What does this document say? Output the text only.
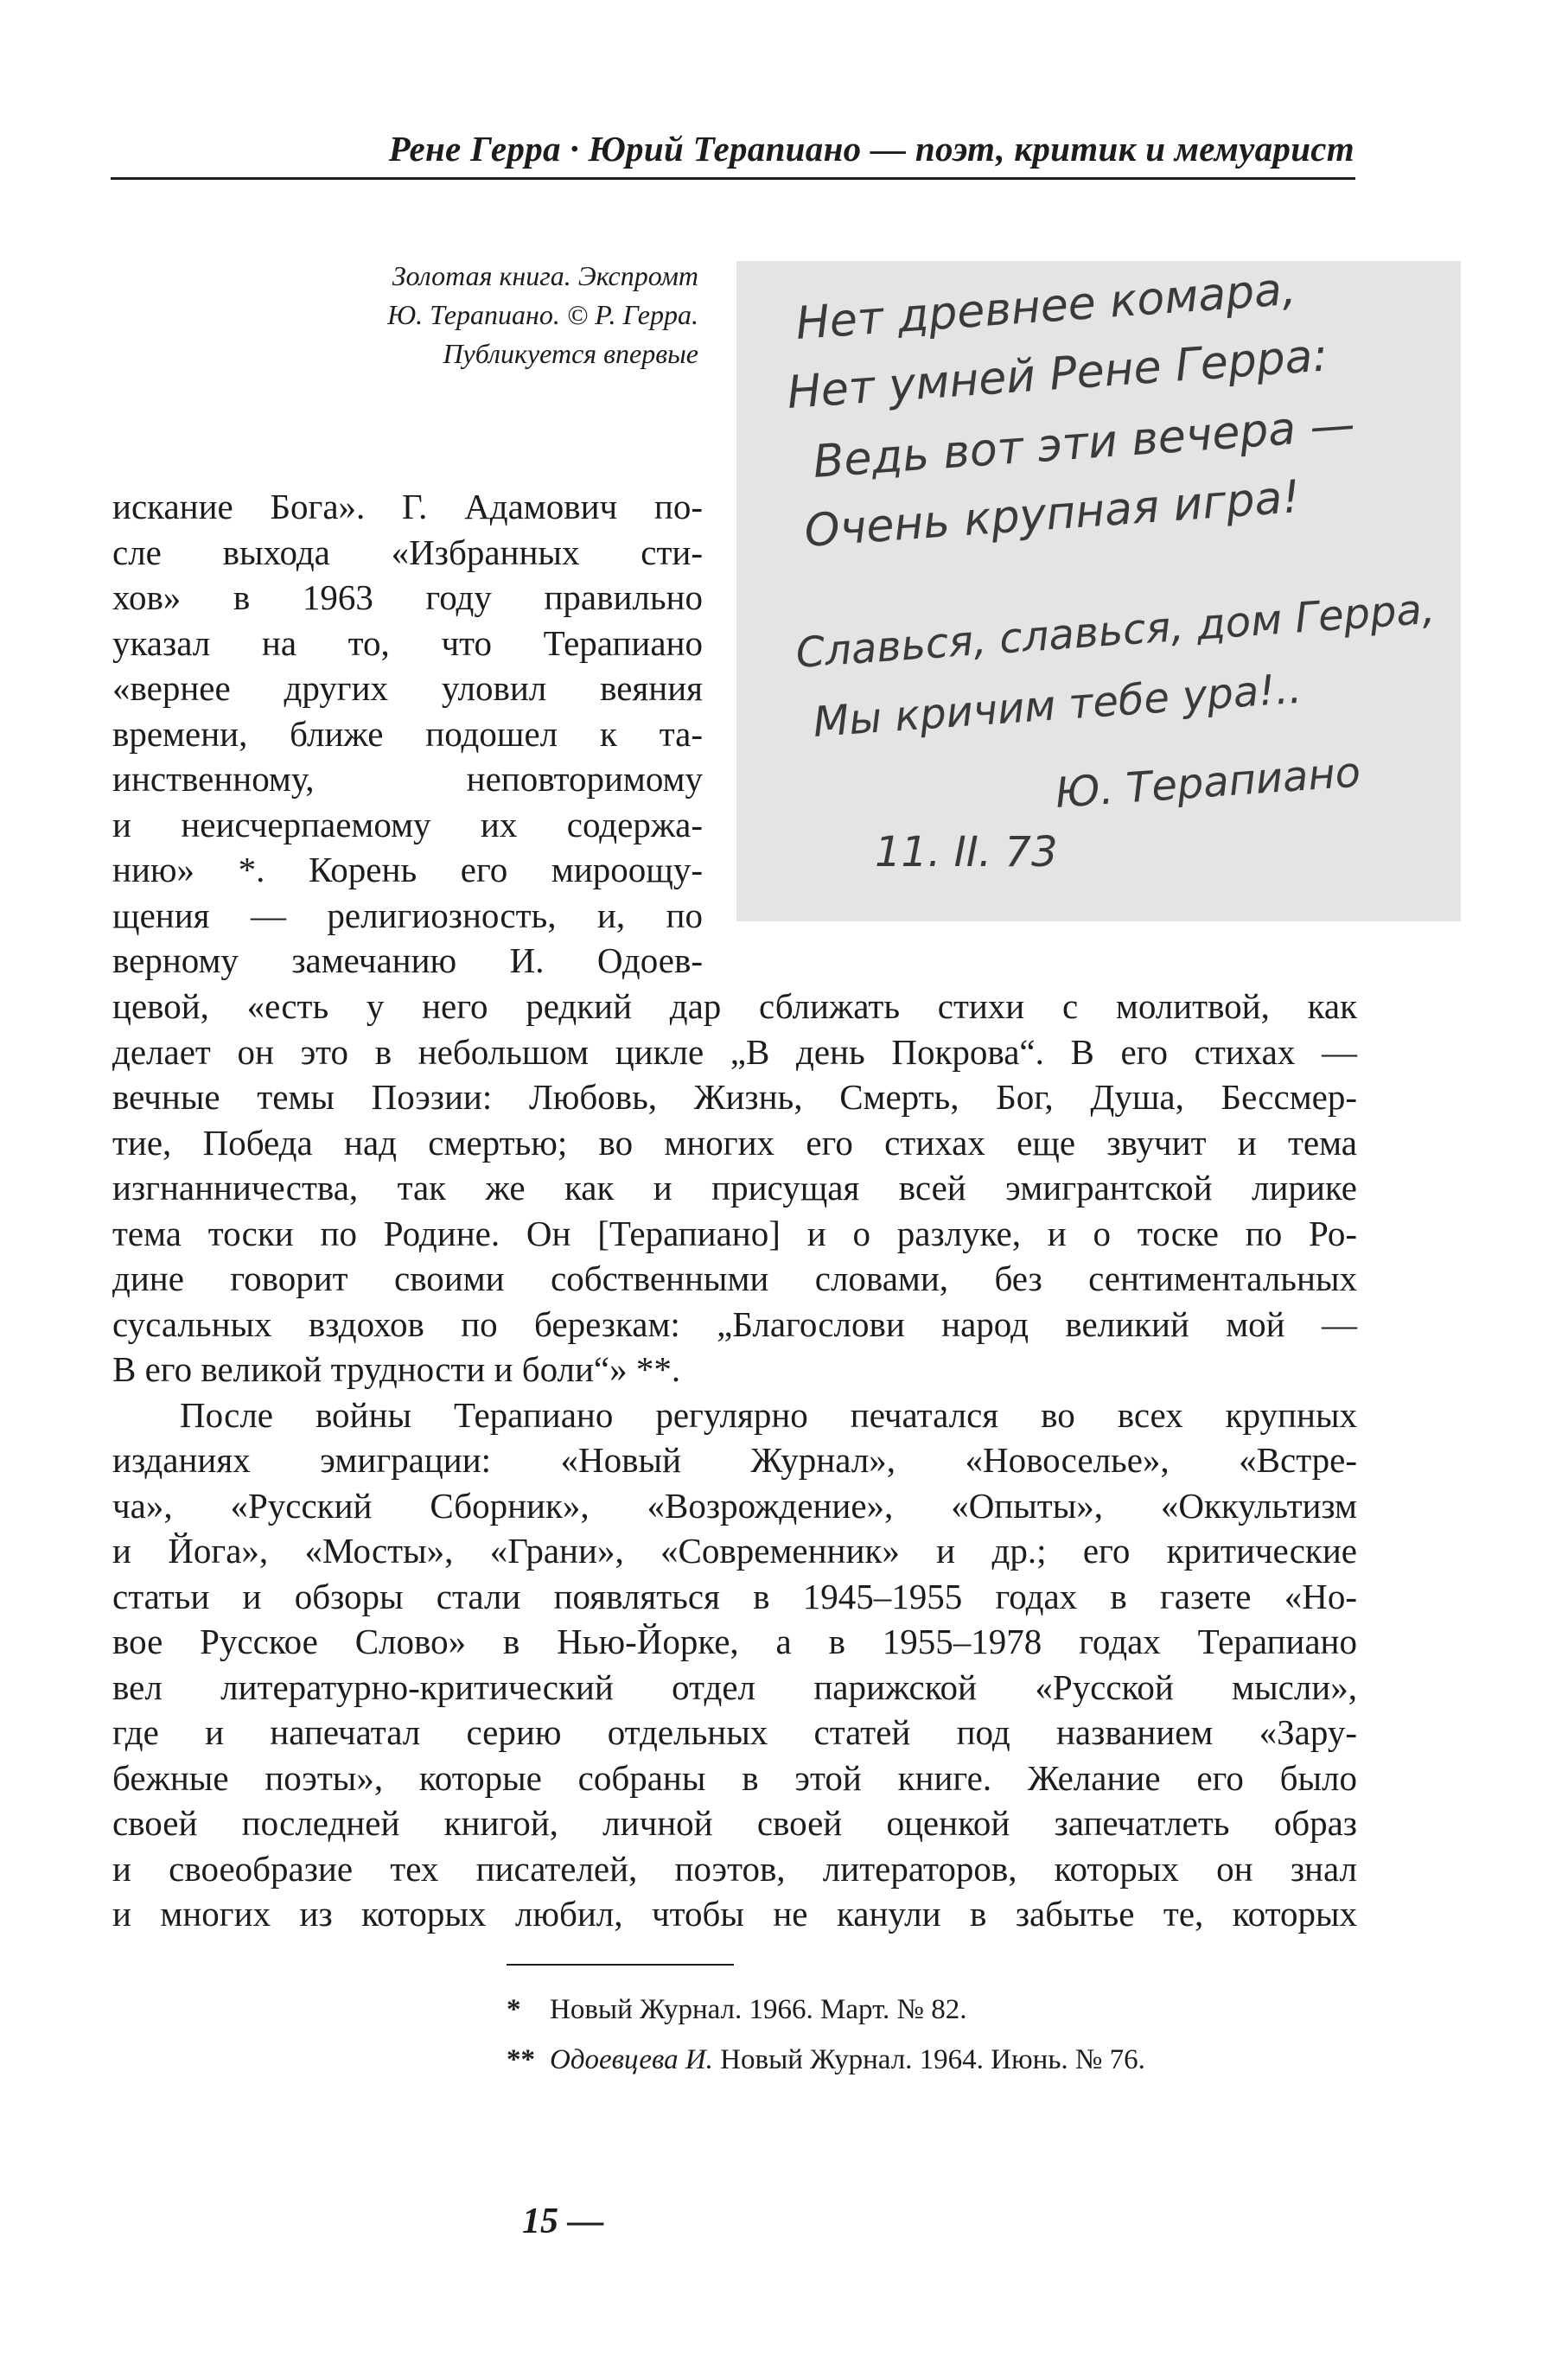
Рене Герра · Юрий Терапиано — поэт, критик и мемуарист
Золотая книга. Экспромт
Ю. Терапиано. © Р. Герра.
Публикуется впервые
Нет древнее комара,
Нет умней Рене Герра:
Ведь вот эти вечера —
Очень крупная игра!
Славься, славься, дом Герра,
Мы кричим тебе ура!..
Ю. Терапиано
11. II. 73
искание Бога». Г. Адамович по-
сле выхода «Избранных сти-
хов» в 1963 году правильно
указал на то, что Терапиано
«вернее других уловил веяния
времени, ближе подошел к та-
инственному, неповторимому
и неисчерпаемому их содержа-
нию» *. Корень его мироощу-
щения — религиозность, и, по
верному замечанию И. Одоев-
цевой, «есть у него редкий дар сближать стихи с молитвой, как
делает он это в небольшом цикле „В день Покрова“. В его стихах —
вечные темы Поэзии: Любовь, Жизнь, Смерть, Бог, Душа, Бессмер-
тие, Победа над смертью; во многих его стихах еще звучит и тема
изгнанничества, так же как и присущая всей эмигрантской лирике
тема тоски по Родине. Он [Терапиано] и о разлуке, и о тоске по Ро-
дине говорит своими собственными словами, без сентиментальных
сусальных вздохов по березкам: „Благослови народ великий мой —
В его великой трудности и боли“» **.
После войны Терапиано регулярно печатался во всех крупных
изданиях эмиграции: «Новый Журнал», «Новоселье», «Встре-
ча», «Русский Сборник», «Возрождение», «Опыты», «Оккультизм
и Йога», «Мосты», «Грани», «Современник» и др.; его критические
статьи и обзоры стали появляться в 1945–1955 годах в газете «Но-
вое Русское Слово» в Нью-Йорке, а в 1955–1978 годах Терапиано
вел литературно-критический отдел парижской «Русской мысли»,
где и напечатал серию отдельных статей под названием «Зару-
бежные поэты», которые собраны в этой книге. Желание его было
своей последней книгой, личной своей оценкой запечатлеть образ
и своеобразие тех писателей, поэтов, литераторов, которых он знал
и многих из которых любил, чтобы не канули в забытье те, которых
* Новый Журнал. 1966. Март. № 82.
** Одоевцева И. Новый Журнал. 1964. Июнь. № 76.
15 —
